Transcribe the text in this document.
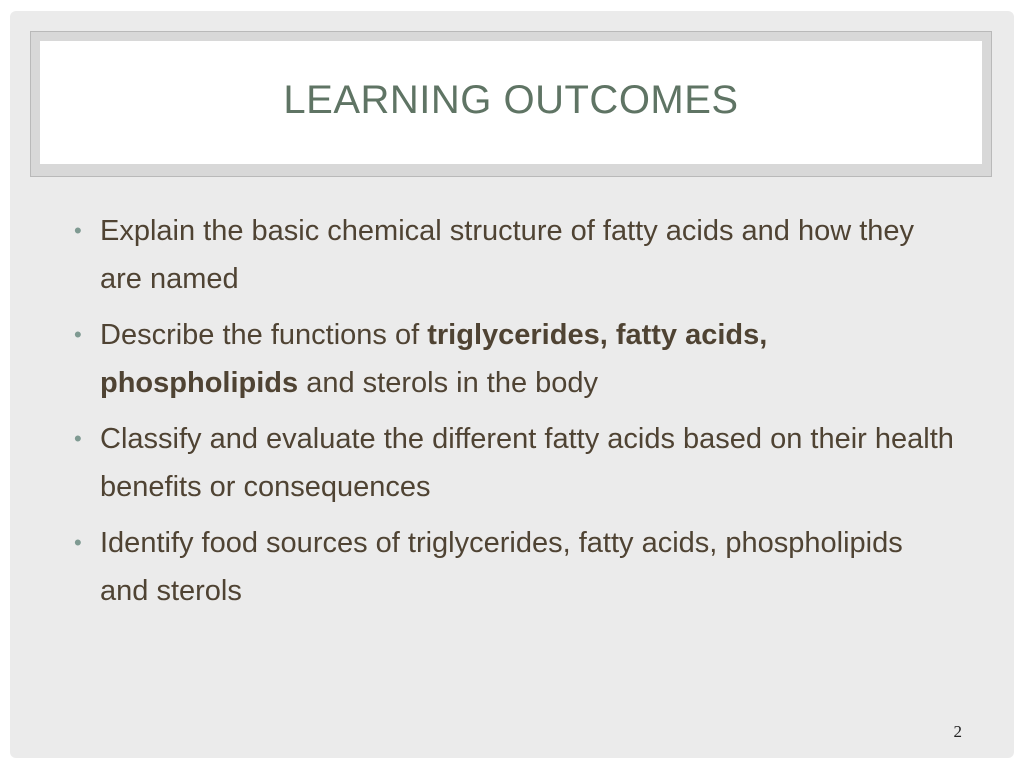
LEARNING OUTCOMES
• Explain the basic chemical structure of fatty acids and how they are named
• Describe the functions of triglycerides, fatty acids, phospholipids and sterols in the body
• Classify and evaluate the different fatty acids based on their health benefits or consequences
• Identify food sources of triglycerides, fatty acids, phospholipids and sterols
2
